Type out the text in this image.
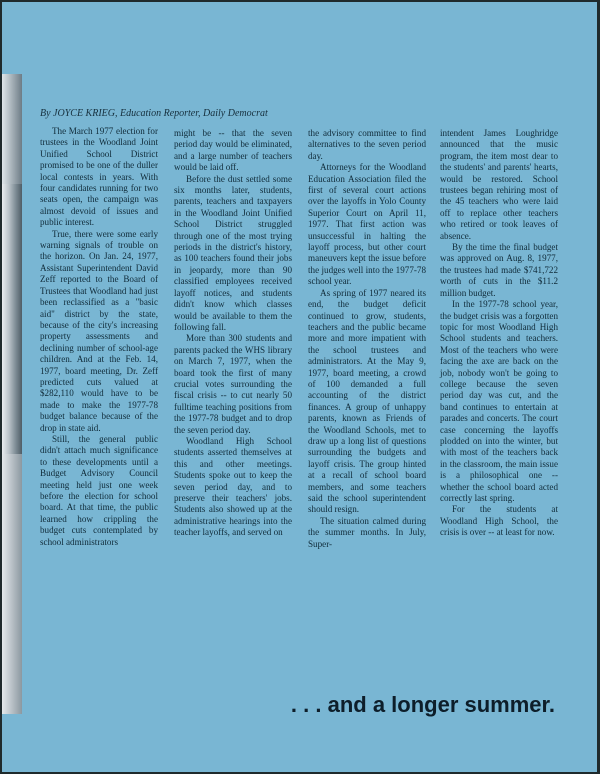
By JOYCE KRIEG, Education Reporter, Daily Democrat
The March 1977 election for trustees in the Woodland Joint Unified School District promised to be one of the duller local contests in years. With four candidates running for two seats open, the campaign was almost devoid of issues and public interest.
True, there were some early warning signals of trouble on the horizon. On Jan. 24, 1977, Assistant Superintendent David Zeff reported to the Board of Trustees that Woodland had just been reclassified as a "basic aid" district by the state, because of the city's increasing property assessments and declining number of school-age children. And at the Feb. 14, 1977, board meeting, Dr. Zeff predicted cuts valued at $282,110 would have to be made to make the 1977-78 budget balance because of the drop in state aid.
Still, the general public didn't attach much significance to these developments until a Budget Advisory Council meeting held just one week before the election for school board. At that time, the public learned how crippling the budget cuts contemplated by school administrators
might be -- that the seven period day would be eliminated, and a large number of teachers would be laid off.
Before the dust settled some six months later, students, parents, teachers and taxpayers in the Woodland Joint Unified School District struggled through one of the most trying periods in the district's history, as 100 teachers found their jobs in jeopardy, more than 90 classified employees received layoff notices, and students didn't know which classes would be available to them the following fall.
More than 300 students and parents packed the WHS library on March 7, 1977, when the board took the first of many crucial votes surrounding the fiscal crisis -- to cut nearly 50 fulltime teaching positions from the 1977-78 budget and to drop the seven period day.
Woodland High School students asserted themselves at this and other meetings. Students spoke out to keep the seven period day, and to preserve their teachers' jobs. Students also showed up at the administrative hearings into the teacher layoffs, and served on
the advisory committee to find alternatives to the seven period day.
Attorneys for the Woodland Education Association filed the first of several court actions over the layoffs in Yolo County Superior Court on April 11, 1977. That first action was unsuccessful in halting the layoff process, but other court maneuvers kept the issue before the judges well into the 1977-78 school year.
As spring of 1977 neared its end, the budget deficit continued to grow, students, teachers and the public became more and more impatient with the school trustees and administrators. At the May 9, 1977, board meeting, a crowd of 100 demanded a full accounting of the district finances. A group of unhappy parents, known as Friends of the Woodland Schools, met to draw up a long list of questions surrounding the budgets and layoff crisis. The group hinted at a recall of school board members, and some teachers said the school superintendent should resign.
The situation calmed during the summer months. In July, Super-
intendent James Loughridge announced that the music program, the item most dear to the students' and parents' hearts, would be restored. School trustees began rehiring most of the 45 teachers who were laid off to replace other teachers who retired or took leaves of absence.
By the time the final budget was approved on Aug. 8, 1977, the trustees had made $741,722 worth of cuts in the $11.2 million budget.
In the 1977-78 school year, the budget crisis was a forgotten topic for most Woodland High School students and teachers. Most of the teachers who were facing the axe are back on the job, nobody won't be going to college because the seven period day was cut, and the band continues to entertain at parades and concerts. The court case concerning the layoffs plodded on into the winter, but with most of the teachers back in the classroom, the main issue is a philosophical one -- whether the school board acted correctly last spring.
For the students at Woodland High School, the crisis is over -- at least for now.
. . . and a longer summer.
